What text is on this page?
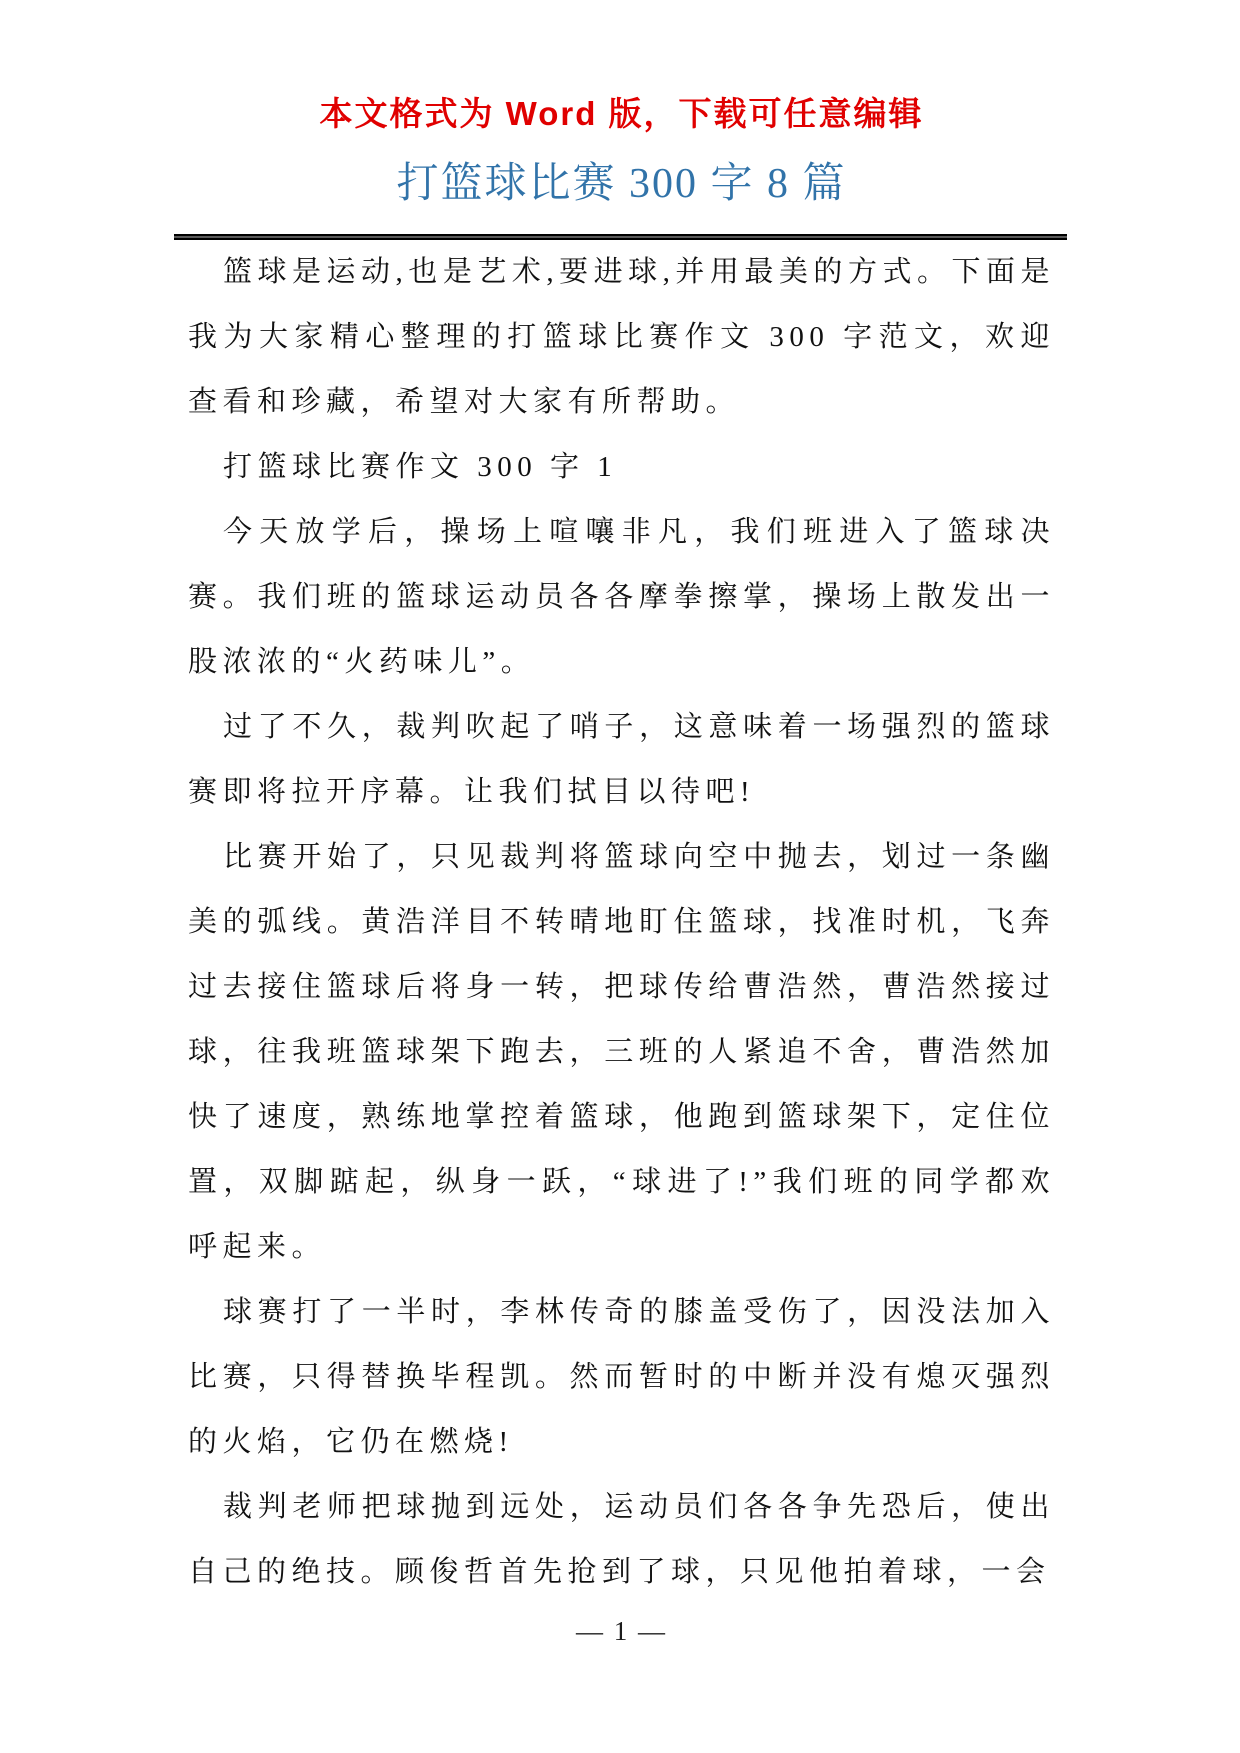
本文格式为 Word 版，下载可任意编辑

打篮球比赛 300 字 8 篇

篮球是运动,也是艺术,要进球,并用最美的方式。下面是我为大家精心整理的打篮球比赛作文 300 字范文，欢迎查看和珍藏，希望对大家有所帮助。

打篮球比赛作文 300 字 1

今天放学后，操场上喧嚷非凡，我们班进入了篮球决赛。我们班的篮球运动员各各摩拳擦掌，操场上散发出一股浓浓的“火药味儿”。

过了不久，裁判吹起了哨子，这意味着一场强烈的篮球赛即将拉开序幕。让我们拭目以待吧!

比赛开始了，只见裁判将篮球向空中抛去，划过一条幽美的弧线。黄浩洋目不转晴地盯住篮球，找准时机，飞奔过去接住篮球后将身一转，把球传给曹浩然，曹浩然接过球，往我班篮球架下跑去，三班的人紧追不舍，曹浩然加快了速度，熟练地掌控着篮球，他跑到篮球架下，定住位置，双脚踮起，纵身一跃，“球进了!”我们班的同学都欢呼起来。

球赛打了一半时，李林传奇的膝盖受伤了，因没法加入比赛，只得替换毕程凯。然而暂时的中断并没有熄灭强烈的火焰，它仍在燃烧!

裁判老师把球抛到远处，运动员们各各争先恐后，使出自己的绝技。顾俊哲首先抢到了球，只见他拍着球，一会

— 1 —
